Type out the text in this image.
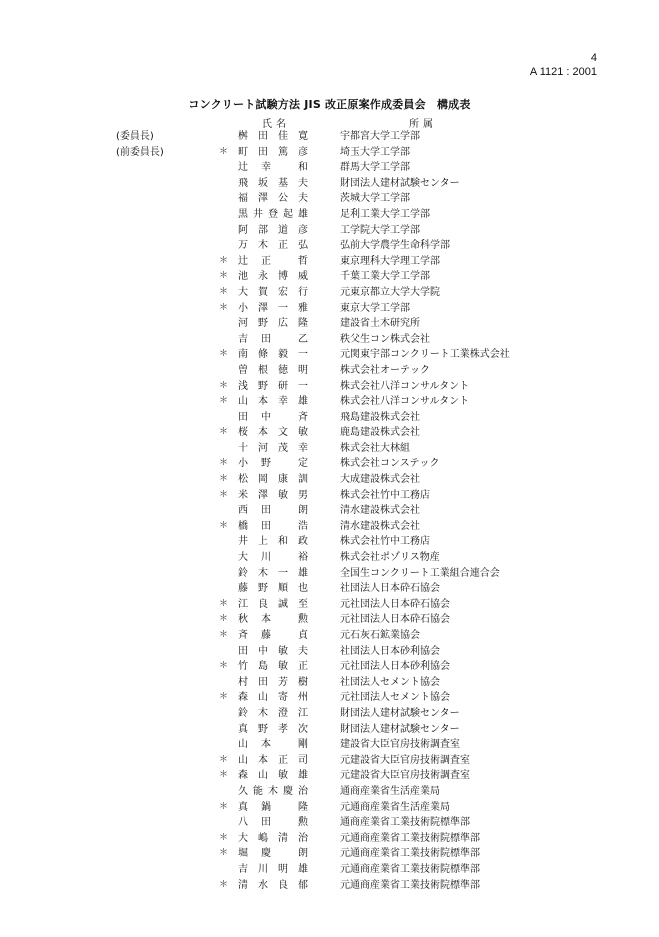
4
A 1121 : 2001
コンクリート試験方法 JIS 改正原案作成委員会　構成表
氏名	所属
(委員長)	桝田佳寛	宇都宮大学工学部
(前委員長)	＊ 町田篤彦	埼玉大学工学部
辻 幸　 和	群馬大学工学部
飛坂基夫	財団法人建材試験センター
福澤公夫	茨城大学工学部
黒井登起雄	足利工業大学工学部
阿部道彦	工学院大学工学部
万木正弘	弘前大学農学生命科学部
＊ 辻 正　 哲	東京理科大学理工学部
＊ 池永博威	千葉工業大学工学部
＊ 大賀宏行	元東京都立大学大学院
＊ 小澤一雅	東京大学工学部
河野広隆	建設省土木研究所
吉 田　 乙	秩父生コン株式会社
＊ 南條毅一	元関東宇部コンクリート工業株式会社
曽根徳明	株式会社オーテック
＊ 浅野研一	株式会社八洋コンサルタント
＊ 山本幸雄	株式会社八洋コンサルタント
田 中　 斉	飛島建設株式会社
＊ 桜本文敏	鹿島建設株式会社
十河茂幸	株式会社大林組
＊ 小 野　 定	株式会社コンステック
＊ 松岡康訓	大成建設株式会社
＊ 米澤敏男	株式会社竹中工務店
西 田　 朗	清水建設株式会社
＊ 橋 田　 浩	清水建設株式会社
井上和政	株式会社竹中工務店
大 川　 裕	株式会社ポゾリス物産
鈴木一雄	全国生コンクリート工業組合連合会
藤野順也	社団法人日本砕石協会
＊ 江良誠至	元社団法人日本砕石協会
＊ 秋 本　 勲	元社団法人日本砕石協会
＊ 斉 藤　 貞	元石灰石鉱業協会
田中敏夫	社団法人日本砂利協会
＊ 竹島敏正	元社団法人日本砂利協会
村田芳樹	社団法人セメント協会
＊ 森山寄州	元社団法人セメント協会
鈴木澄江	財団法人建材試験センター
真野孝次	財団法人建材試験センター
山 本　 剛	建設省大臣官房技術調査室
＊ 山本正司	元建設省大臣官房技術調査室
＊ 森山敏雄	元建設省大臣官房技術調査室
久能木慶治	通商産業省生活産業局
＊ 真 鍋　 隆	元通商産業省生活産業局
八 田　 勲	通商産業省工業技術院標準部
＊ 大嶋清治	元通商産業省工業技術院標準部
＊ 堀 慶　 朗	元通商産業省工業技術院標準部
吉川明雄	元通商産業省工業技術院標準部
＊ 清水良郁	元通商産業省工業技術院標準部
